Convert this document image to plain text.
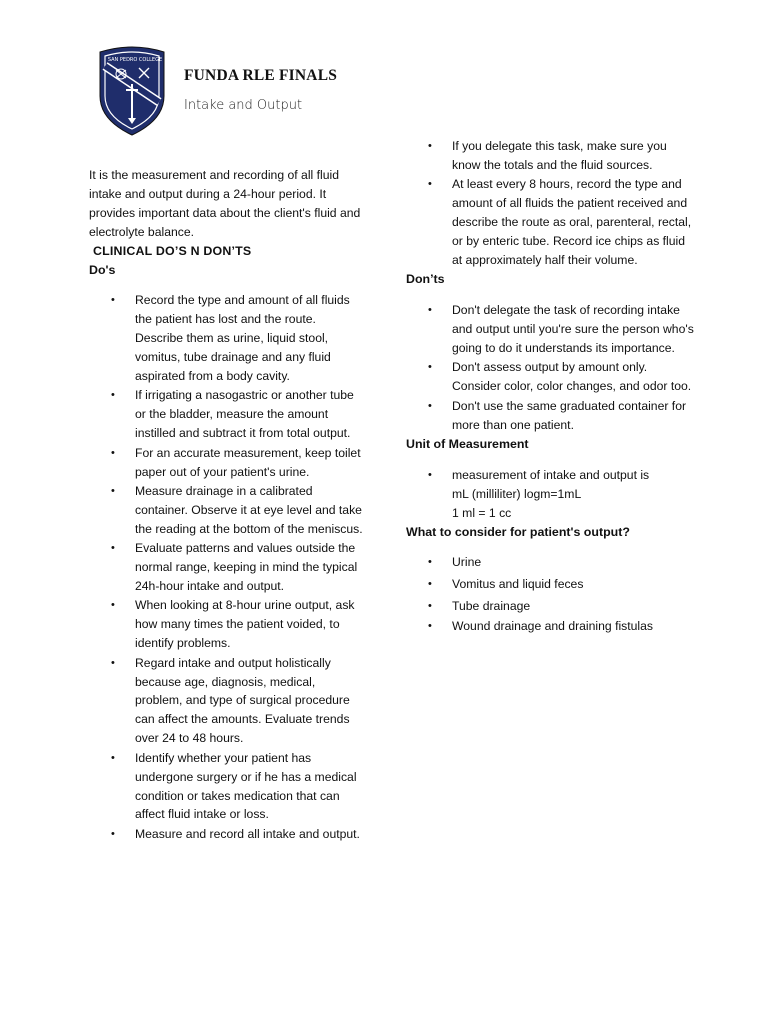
SAN PEDRO COLLEGE
FUNDA RLE FINALS
Intake and Output

It is the measurement and recording of all fluid intake and output during a 24-hour period. It provides important data about the client's fluid and electrolyte balance.

CLINICAL DO’S N DON’TS
Do's
• Record the type and amount of all fluids the patient has lost and the route. Describe them as urine, liquid stool, vomitus, tube drainage and any fluid aspirated from a body cavity.
• If irrigating a nasogastric or another tube or the bladder, measure the amount instilled and subtract it from total output.
• For an accurate measurement, keep toilet paper out of your patient's urine.
• Measure drainage in a calibrated container. Observe it at eye level and take the reading at the bottom of the meniscus.
• Evaluate patterns and values outside the normal range, keeping in mind the typical 24h-hour intake and output.
• When looking at 8-hour urine output, ask how many times the patient voided, to identify problems.
• Regard intake and output holistically because age, diagnosis, medical, problem, and type of surgical procedure can affect the amounts. Evaluate trends over 24 to 48 hours.
• Identify whether your patient has undergone surgery or if he has a medical condition or takes medication that can affect fluid intake or loss.
• Measure and record all intake and output.
• If you delegate this task, make sure you know the totals and the fluid sources.
• At least every 8 hours, record the type and amount of all fluids the patient received and describe the route as oral, parenteral, rectal, or by enteric tube. Record ice chips as fluid at approximately half their volume.
Don’ts
• Don't delegate the task of recording intake and output until you're sure the person who's going to do it understands its importance.
• Don't assess output by amount only. Consider color, color changes, and odor too.
• Don't use the same graduated container for more than one patient.
Unit of Measurement
• measurement of intake and output is
mL (milliliter) logm=1mL
1 ml = 1 cc
What to consider for patient's output?
• Urine
• Vomitus and liquid feces
• Tube drainage
• Wound drainage and draining fistulas
